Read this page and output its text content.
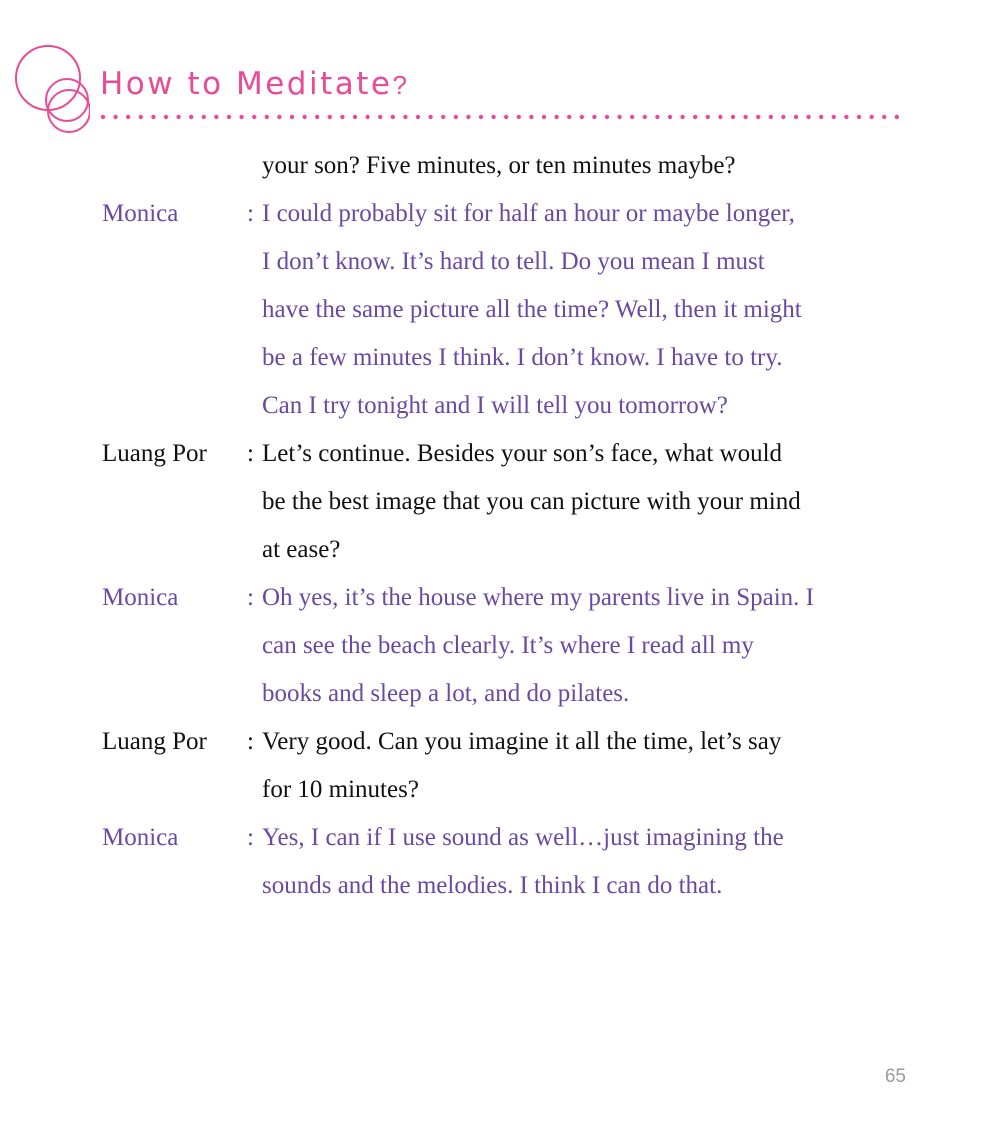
How to Meditate?
your son? Five minutes, or ten minutes maybe?
Monica	: I could probably sit for half an hour or maybe longer,
I don’t know. It’s hard to tell. Do you mean I must
have the same picture all the time? Well, then it might
be a few minutes I think. I don’t know. I have to try.
Can I try tonight and I will tell you tomorrow?
Luang Por : Let’s continue. Besides your son’s face, what would
be the best image that you can picture with your mind
at ease?
Monica	: Oh yes, it’s the house where my parents live in Spain. I
can see the beach clearly. It’s where I read all my
books and sleep a lot, and do pilates.
Luang Por : Very good. Can you imagine it all the time, let’s say
for 10 minutes?
Monica	: Yes, I can if I use sound as well…just imagining the
sounds and the melodies. I think I can do that.
65
